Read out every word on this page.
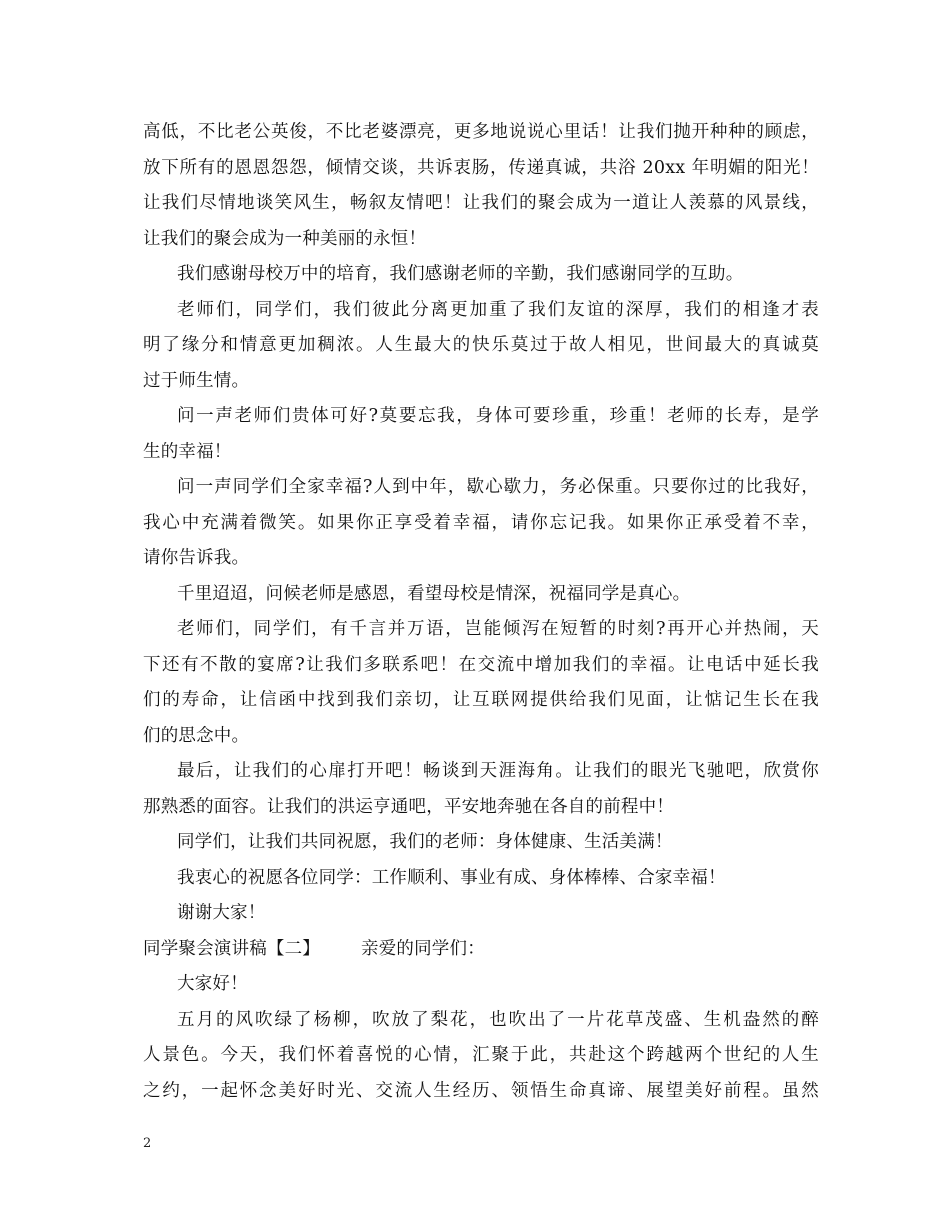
高低，不比老公英俊，不比老婆漂亮，更多地说说心里话！让我们抛开种种的顾虑，
放下所有的恩恩怨怨，倾情交谈，共诉衷肠，传递真诚，共浴 20xx 年明媚的阳光！
让我们尽情地谈笑风生，畅叙友情吧！让我们的聚会成为一道让人羡慕的风景线，
让我们的聚会成为一种美丽的永恒！
我们感谢母校万中的培育，我们感谢老师的辛勤，我们感谢同学的互助。
老师们，同学们，我们彼此分离更加重了我们友谊的深厚，我们的相逢才表
明了缘分和情意更加稠浓。人生最大的快乐莫过于故人相见，世间最大的真诚莫
过于师生情。
问一声老师们贵体可好?莫要忘我，身体可要珍重，珍重！老师的长寿，是学
生的幸福！
问一声同学们全家幸福?人到中年，歇心歇力，务必保重。只要你过的比我好，
我心中充满着微笑。如果你正享受着幸福，请你忘记我。如果你正承受着不幸，
请你告诉我。
千里迢迢，问候老师是感恩，看望母校是情深，祝福同学是真心。
老师们，同学们，有千言并万语，岂能倾泻在短暂的时刻?再开心并热闹，天
下还有不散的宴席?让我们多联系吧！在交流中增加我们的幸福。让电话中延长我
们的寿命，让信函中找到我们亲切，让互联网提供给我们见面，让惦记生长在我
们的思念中。
最后，让我们的心扉打开吧！畅谈到天涯海角。让我们的眼光飞驰吧，欣赏你
那熟悉的面容。让我们的洪运亨通吧，平安地奔驰在各自的前程中！
同学们，让我们共同祝愿，我们的老师：身体健康、生活美满！
我衷心的祝愿各位同学：工作顺利、事业有成、身体棒棒、合家幸福！
谢谢大家！
同学聚会演讲稿【二】	亲爱的同学们：
大家好！
五月的风吹绿了杨柳，吹放了梨花，也吹出了一片花草茂盛、生机盎然的醉
人景色。今天，我们怀着喜悦的心情，汇聚于此，共赴这个跨越两个世纪的人生
之约，一起怀念美好时光、交流人生经历、领悟生命真谛、展望美好前程。虽然
2
